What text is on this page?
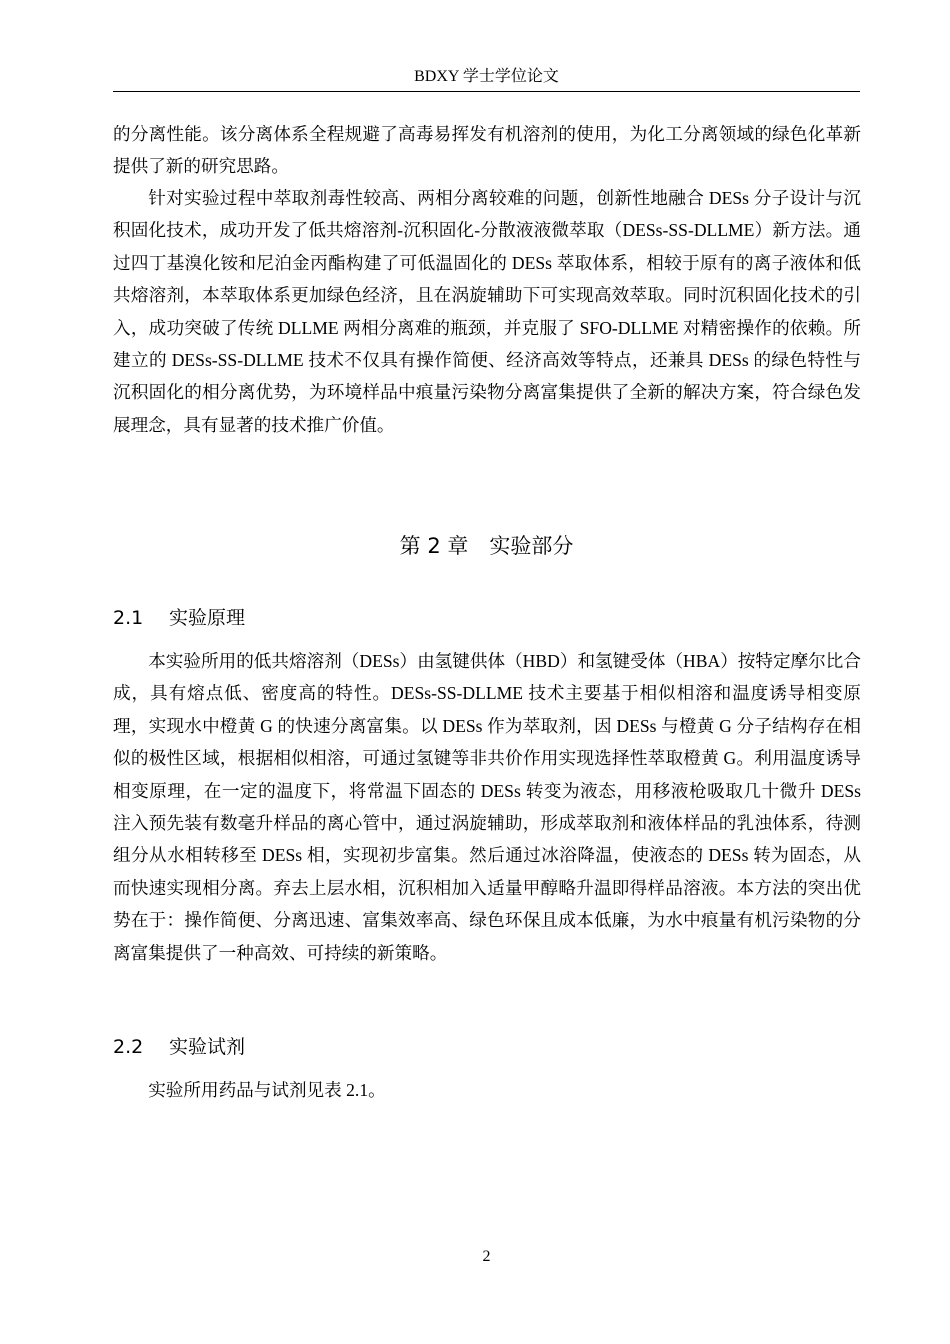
BDXY 学士学位论文

的分离性能。该分离体系全程规避了高毒易挥发有机溶剂的使用，为化工分离领域的绿色化革新提供了新的研究思路。

针对实验过程中萃取剂毒性较高、两相分离较难的问题，创新性地融合 DESs 分子设计与沉积固化技术，成功开发了低共熔溶剂-沉积固化-分散液液微萃取（DESs-SS-DLLME）新方法。通过四丁基溴化铵和尼泊金丙酯构建了可低温固化的 DESs 萃取体系，相较于原有的离子液体和低共熔溶剂，本萃取体系更加绿色经济，且在涡旋辅助下可实现高效萃取。同时沉积固化技术的引入，成功突破了传统 DLLME 两相分离难的瓶颈，并克服了 SFO-DLLME 对精密操作的依赖。所建立的 DESs-SS-DLLME 技术不仅具有操作简便、经济高效等特点，还兼具 DESs 的绿色特性与沉积固化的相分离优势，为环境样品中痕量污染物分离富集提供了全新的解决方案，符合绿色发展理念，具有显著的技术推广价值。

第 2 章　实验部分
2.1 实验原理

本实验所用的低共熔溶剂（DESs）由氢键供体（HBD）和氢键受体（HBA）按特定摩尔比合成，具有熔点低、密度高的特性。DESs-SS-DLLME 技术主要基于相似相溶和温度诱导相变原理，实现水中橙黄 G 的快速分离富集。以 DESs 作为萃取剂，因 DESs 与橙黄 G 分子结构存在相似的极性区域，根据相似相溶，可通过氢键等非共价作用实现选择性萃取橙黄 G。利用温度诱导相变原理，在一定的温度下，将常温下固态的 DESs 转变为液态，用移液枪吸取几十微升 DESs 注入预先装有数毫升样品的离心管中，通过涡旋辅助，形成萃取剂和液体样品的乳浊体系，待测组分从水相转移至 DESs 相，实现初步富集。然后通过冰浴降温，使液态的 DESs 转为固态，从而快速实现相分离。弃去上层水相，沉积相加入适量甲醇略升温即得样品溶液。本方法的突出优势在于：操作简便、分离迅速、富集效率高、绿色环保且成本低廉，为水中痕量有机污染物的分离富集提供了一种高效、可持续的新策略。

2.2 实验试剂

实验所用药品与试剂见表 2.1。

2
